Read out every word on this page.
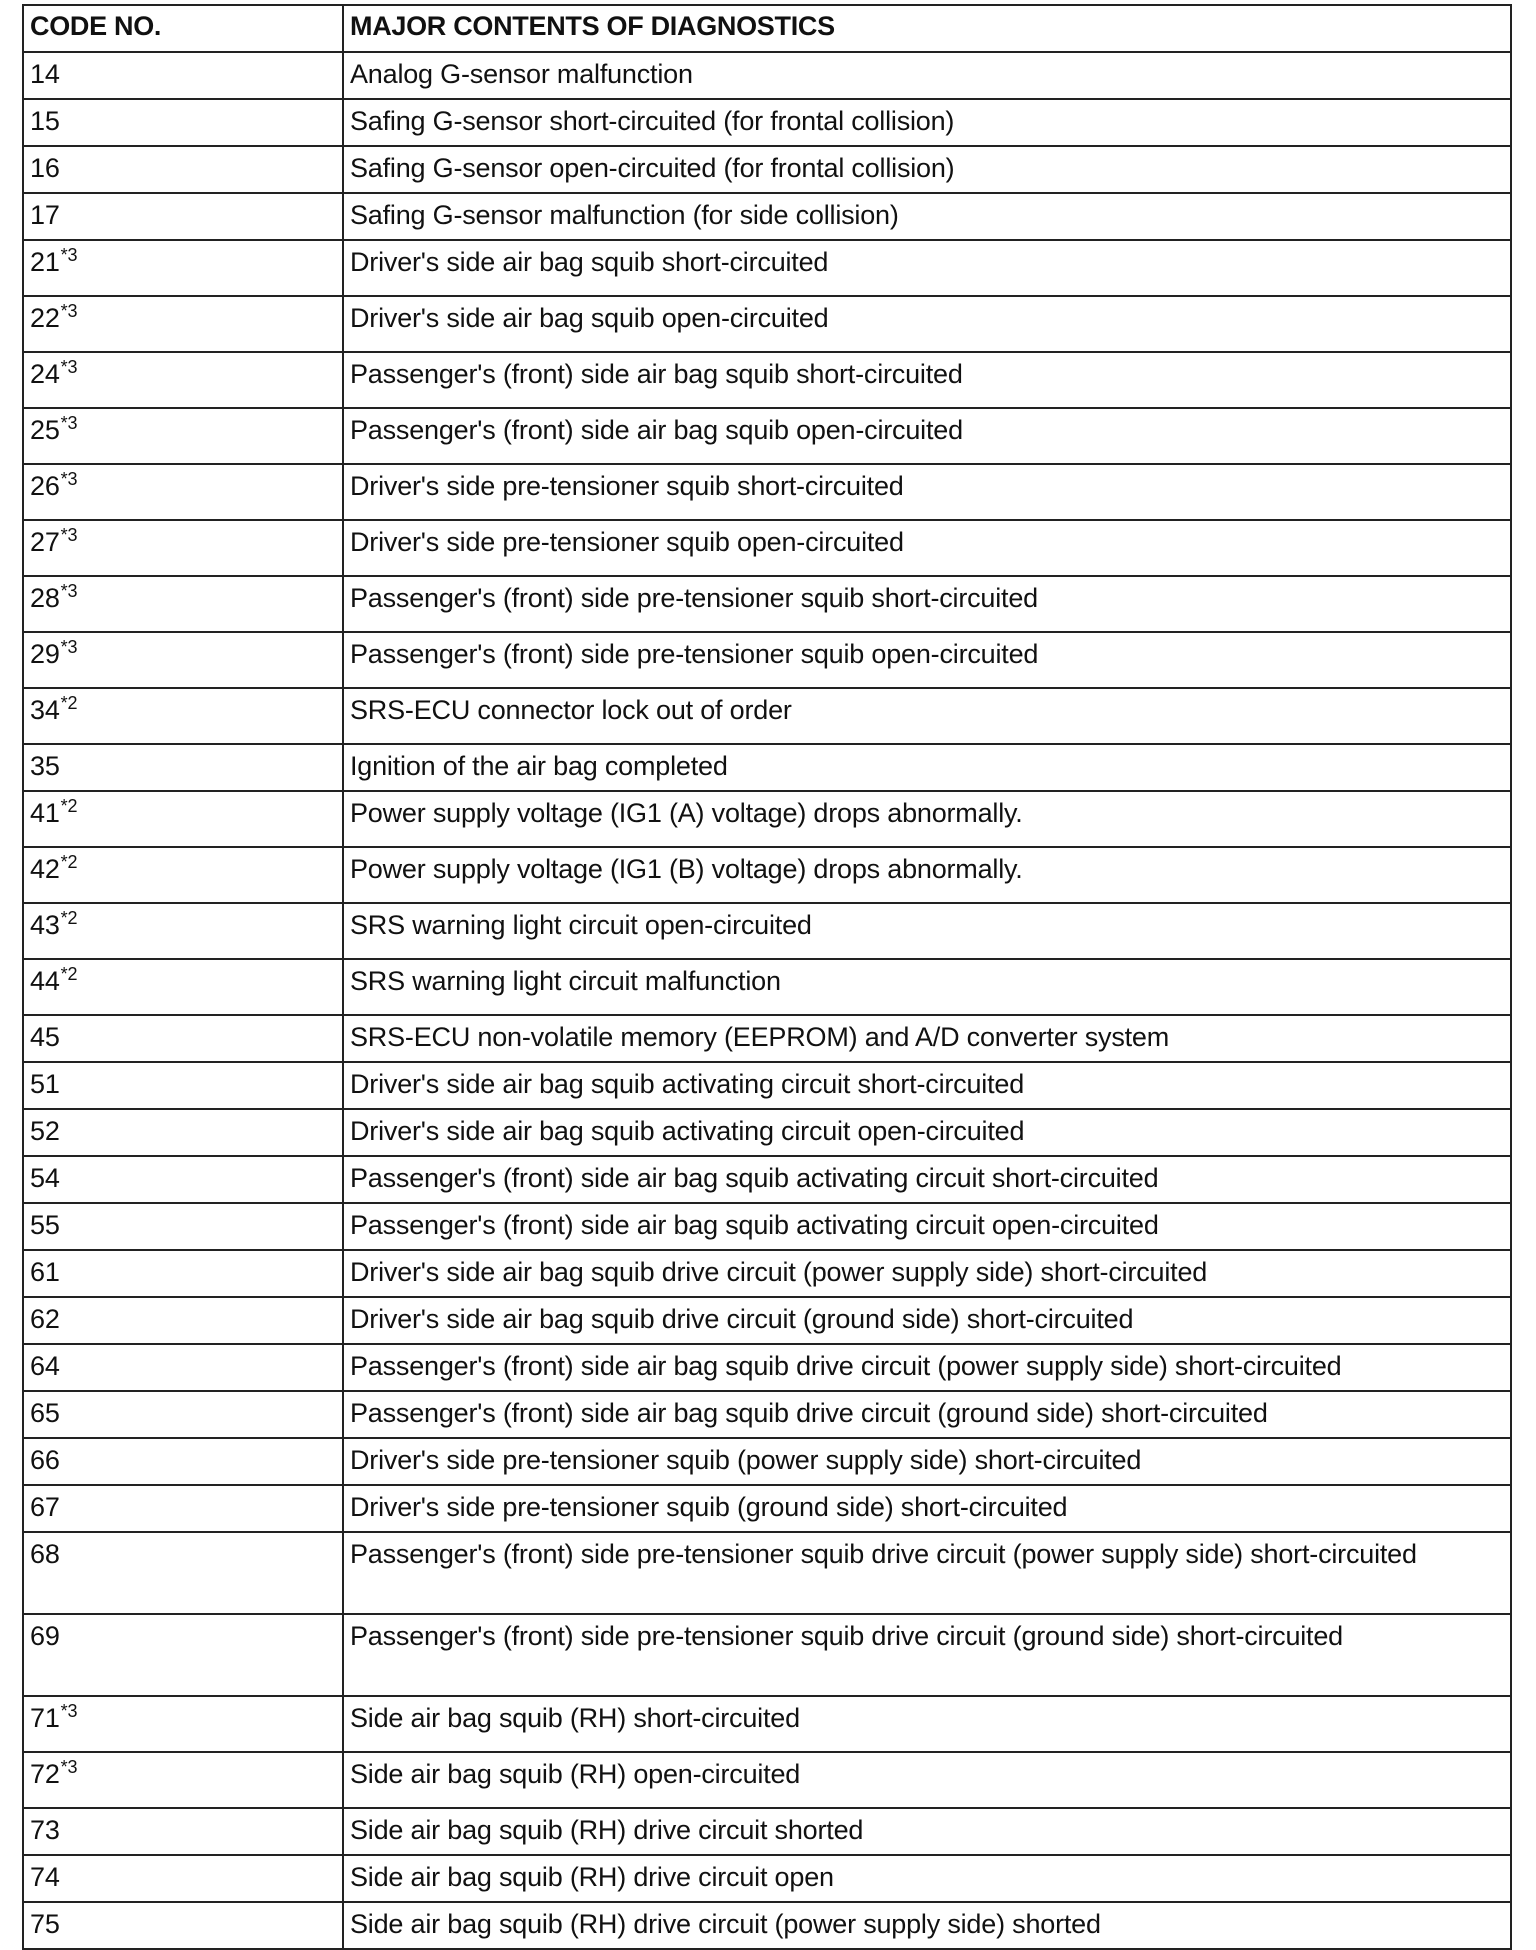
CODE NO.	MAJOR CONTENTS OF DIAGNOSTICS
14	Analog G-sensor malfunction
15	Safing G-sensor short-circuited (for frontal collision)
16	Safing G-sensor open-circuited (for frontal collision)
17	Safing G-sensor malfunction (for side collision)
21$^{*3}$	Driver's side air bag squib short-circuited
22$^{*3}$	Driver's side air bag squib open-circuited
24$^{*3}$	Passenger's (front) side air bag squib short-circuited
25$^{*3}$	Passenger's (front) side air bag squib open-circuited
26$^{*3}$	Driver's side pre-tensioner squib short-circuited
27$^{*3}$	Driver's side pre-tensioner squib open-circuited
28$^{*3}$	Passenger's (front) side pre-tensioner squib short-circuited
29$^{*3}$	Passenger's (front) side pre-tensioner squib open-circuited
34$^{*2}$	SRS-ECU connector lock out of order
35	Ignition of the air bag completed
41$^{*2}$	Power supply voltage (IG1 (A) voltage) drops abnormally.
42$^{*2}$	Power supply voltage (IG1 (B) voltage) drops abnormally.
43$^{*2}$	SRS warning light circuit open-circuited
44$^{*2}$	SRS warning light circuit malfunction
45	SRS-ECU non-volatile memory (EEPROM) and A/D converter system
51	Driver's side air bag squib activating circuit short-circuited
52	Driver's side air bag squib activating circuit open-circuited
54	Passenger's (front) side air bag squib activating circuit short-circuited
55	Passenger's (front) side air bag squib activating circuit open-circuited
61	Driver's side air bag squib drive circuit (power supply side) short-circuited
62	Driver's side air bag squib drive circuit (ground side) short-circuited
64	Passenger's (front) side air bag squib drive circuit (power supply side) short-circuited
65	Passenger's (front) side air bag squib drive circuit (ground side) short-circuited
66	Driver's side pre-tensioner squib (power supply side) short-circuited
67	Driver's side pre-tensioner squib (ground side) short-circuited
68	Passenger's (front) side pre-tensioner squib drive circuit (power supply side) short-circuited
69	Passenger's (front) side pre-tensioner squib drive circuit (ground side) short-circuited
71$^{*3}$	Side air bag squib (RH) short-circuited
72$^{*3}$	Side air bag squib (RH) open-circuited
73	Side air bag squib (RH) drive circuit shorted
74	Side air bag squib (RH) drive circuit open
75	Side air bag squib (RH) drive circuit (power supply side) shorted
